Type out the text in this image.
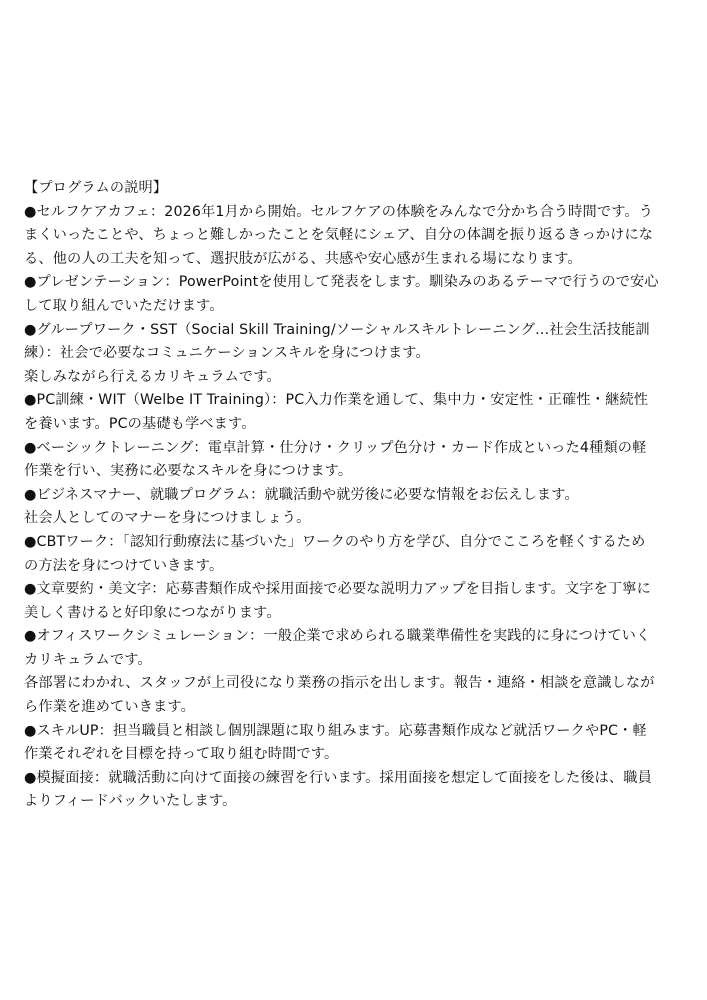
【プログラムの説明】
●セルフケアカフェ：2026年1月から開始。セルフケアの体験をみんなで分かち合う時間です。う
まくいったことや、ちょっと難しかったことを気軽にシェア、自分の体調を振り返るきっかけにな
る、他の人の工夫を知って、選択肢が広がる、共感や安心感が生まれる場になります。
●プレゼンテーション：PowerPointを使用して発表をします。馴染みのあるテーマで行うので安心
して取り組んでいただけます。
●グループワーク・SST（Social Skill Training/ソーシャルスキルトレーニング…社会生活技能訓
練）：社会で必要なコミュニケーションスキルを身につけます。
楽しみながら行えるカリキュラムです。
●PC訓練・WIT（Welbe IT Training）：PC入力作業を通して、集中力・安定性・正確性・継続性
を養います。PCの基礎も学べます。
●ベーシックトレーニング：電卓計算・仕分け・クリップ色分け・カード作成といった4種類の軽
作業を行い、実務に必要なスキルを身につけます。
●ビジネスマナー、就職プログラム：就職活動や就労後に必要な情報をお伝えします。
社会人としてのマナーを身につけましょう。
●CBTワーク：「認知行動療法に基づいた」ワークのやり方を学び、自分でこころを軽くするため
の方法を身につけていきます。
●文章要約・美文字：応募書類作成や採用面接で必要な説明力アップを目指します。文字を丁寧に
美しく書けると好印象につながります。
●オフィスワークシミュレーション：一般企業で求められる職業準備性を実践的に身につけていく
カリキュラムです。
各部署にわかれ、スタッフが上司役になり業務の指示を出します。報告・連絡・相談を意識しなが
ら作業を進めていきます。
●スキルUP：担当職員と相談し個別課題に取り組みます。応募書類作成など就活ワークやPC・軽
作業それぞれを目標を持って取り組む時間です。
●模擬面接：就職活動に向けて面接の練習を行います。採用面接を想定して面接をした後は、職員
よりフィードバックいたします。
